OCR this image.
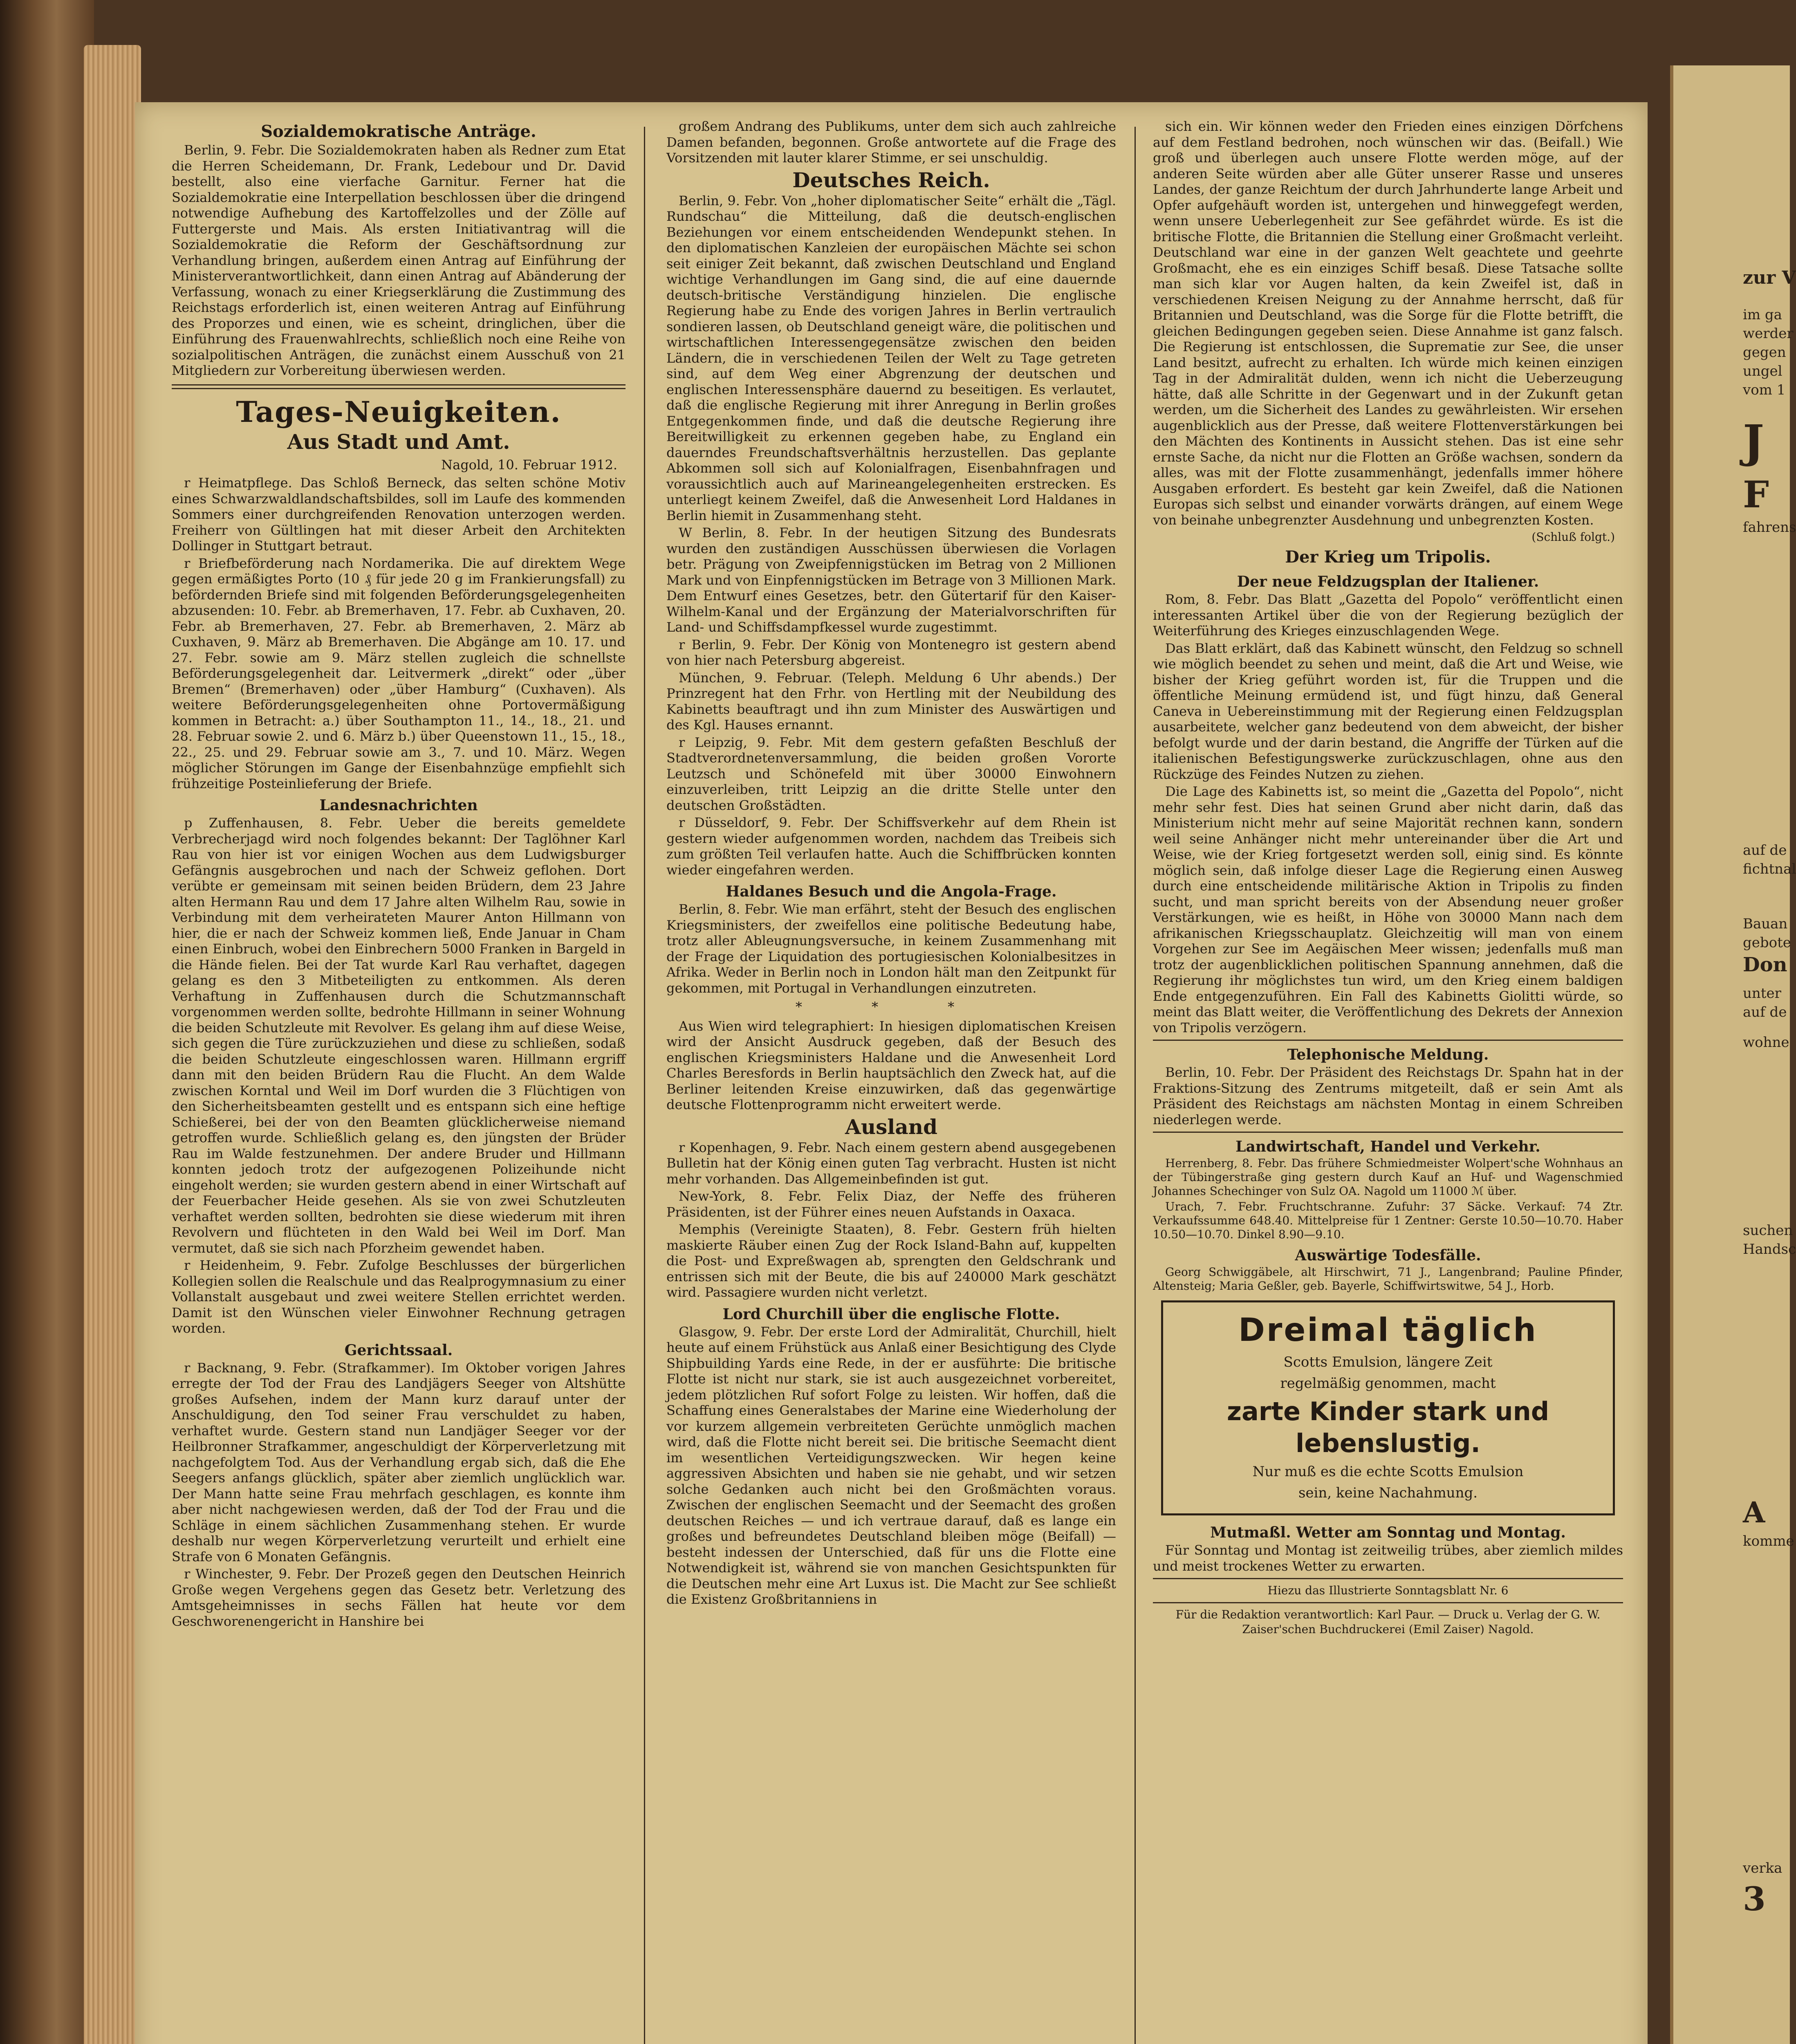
Sozialdemokratische Anträge.

Berlin, 9. Febr. Die Sozialdemokraten haben als Redner zum Etat die Herren Scheidemann, Dr. Frank, Ledebour und Dr. David bestellt, also eine vierfache Garnitur. Ferner hat die Sozialdemokratie eine Interpellation beschlossen über die dringend notwendige Aufhebung des Kartoffelzolles und der Zölle auf Futtergerste und Mais. Als ersten Initiativantrag will die Sozialdemokratie die Reform der Geschäftsordnung zur Verhandlung bringen, außerdem einen Antrag auf Einführung der Ministerverantwortlichkeit, dann einen Antrag auf Abänderung der Verfassung, wonach zu einer Kriegserklärung die Zustimmung des Reichstags erforderlich ist, einen weiteren Antrag auf Einführung des Proporzes und einen, wie es scheint, dringlichen, über die Einführung des Frauenwahlrechts, schließlich noch eine Reihe von sozialpolitischen Anträgen, die zunächst einem Ausschuß von 21 Mitgliedern zur Vorbereitung überwiesen werden.

Tages-Neuigkeiten.
Aus Stadt und Amt.
Nagold, 10. Februar 1912.

r Heimatpflege. Das Schloß Berneck, das selten schöne Motiv eines Schwarzwaldlandschaftsbildes, soll im Laufe des kommenden Sommers einer durchgreifenden Renovation unterzogen werden. Freiherr von Gültlingen hat mit dieser Arbeit den Architekten Dollinger in Stuttgart betraut.

r Briefbeförderung nach Nordamerika. Die auf direktem Wege gegen ermäßigtes Porto (10 ₰ für jede 20 g im Frankierungsfall) zu befördernden Briefe sind mit folgenden Beförderungsgelegenheiten abzusenden: 10. Febr. ab Bremerhaven, 17. Febr. ab Cuxhaven, 20. Febr. ab Bremerhaven, 27. Febr. ab Bremerhaven, 2. März ab Cuxhaven, 9. März ab Bremerhaven. Die Abgänge am 10. 17. und 27. Febr. sowie am 9. März stellen zugleich die schnellste Beförderungsgelegenheit dar. Leitvermerk „direkt“ oder „über Bremen“ (Bremerhaven) oder „über Hamburg“ (Cuxhaven). Als weitere Beförderungsgelegenheiten ohne Portovermäßigung kommen in Betracht: a.) über Southampton 11., 14., 18., 21. und 28. Februar sowie 2. und 6. März b.) über Queenstown 11., 15., 18., 22., 25. und 29. Februar sowie am 3., 7. und 10. März. Wegen möglicher Störungen im Gange der Eisenbahnzüge empfiehlt sich frühzeitige Posteinlieferung der Briefe.

Landesnachrichten

p Zuffenhausen, 8. Febr. Ueber die bereits gemeldete Verbrecherjagd wird noch folgendes bekannt: Der Taglöhner Karl Rau von hier ist vor einigen Wochen aus dem Ludwigsburger Gefängnis ausgebrochen und nach der Schweiz geflohen. Dort verübte er gemeinsam mit seinen beiden Brüdern, dem 23 Jahre alten Hermann Rau und dem 17 Jahre alten Wilhelm Rau, sowie in Verbindung mit dem verheirateten Maurer Anton Hillmann von hier, die er nach der Schweiz kommen ließ, Ende Januar in Cham einen Einbruch, wobei den Einbrechern 5000 Franken in Bargeld in die Hände fielen. Bei der Tat wurde Karl Rau verhaftet, dagegen gelang es den 3 Mitbeteiligten zu entkommen. Als deren Verhaftung in Zuffenhausen durch die Schutzmannschaft vorgenommen werden sollte, bedrohte Hillmann in seiner Wohnung die beiden Schutzleute mit Revolver. Es gelang ihm auf diese Weise, sich gegen die Türe zurückzuziehen und diese zu schließen, sodaß die beiden Schutzleute eingeschlossen waren. Hillmann ergriff dann mit den beiden Brüdern Rau die Flucht. An dem Walde zwischen Korntal und Weil im Dorf wurden die 3 Flüchtigen von den Sicherheitsbeamten gestellt und es entspann sich eine heftige Schießerei, bei der von den Beamten glücklicherweise niemand getroffen wurde. Schließlich gelang es, den jüngsten der Brüder Rau im Walde festzunehmen. Der andere Bruder und Hillmann konnten jedoch trotz der aufgezogenen Polizeihunde nicht eingeholt werden; sie wurden gestern abend in einer Wirtschaft auf der Feuerbacher Heide gesehen. Als sie von zwei Schutzleuten verhaftet werden sollten, bedrohten sie diese wiederum mit ihren Revolvern und flüchteten in den Wald bei Weil im Dorf. Man vermutet, daß sie sich nach Pforzheim gewendet haben.

r Heidenheim, 9. Febr. Zufolge Beschlusses der bürgerlichen Kollegien sollen die Realschule und das Realprogymnasium zu einer Vollanstalt ausgebaut und zwei weitere Stellen errichtet werden. Damit ist den Wünschen vieler Einwohner Rechnung getragen worden.

Gerichtssaal.

r Backnang, 9. Febr. (Strafkammer). Im Oktober vorigen Jahres erregte der Tod der Frau des Landjägers Seeger von Altshütte großes Aufsehen, indem der Mann kurz darauf unter der Anschuldigung, den Tod seiner Frau verschuldet zu haben, verhaftet wurde. Gestern stand nun Landjäger Seeger vor der Heilbronner Strafkammer, angeschuldigt der Körperverletzung mit nachgefolgtem Tod. Aus der Verhandlung ergab sich, daß die Ehe Seegers anfangs glücklich, später aber ziemlich unglücklich war. Der Mann hatte seine Frau mehrfach geschlagen, es konnte ihm aber nicht nachgewiesen werden, daß der Tod der Frau und die Schläge in einem sächlichen Zusammenhang stehen. Er wurde deshalb nur wegen Körperverletzung verurteilt und erhielt eine Strafe von 6 Monaten Gefängnis.

r Winchester, 9. Febr. Der Prozeß gegen den Deutschen Heinrich Große wegen Vergehens gegen das Gesetz betr. Verletzung des Amtsgeheimnisses in sechs Fällen hat heute vor dem Geschworenengericht in Hanshire bei

großem Andrang des Publikums, unter dem sich auch zahlreiche Damen befanden, begonnen. Große antwortete auf die Frage des Vorsitzenden mit lauter klarer Stimme, er sei unschuldig.

Deutsches Reich.

Berlin, 9. Febr. Von „hoher diplomatischer Seite“ erhält die „Tägl. Rundschau“ die Mitteilung, daß die deutsch-englischen Beziehungen vor einem entscheidenden Wendepunkt stehen. In den diplomatischen Kanzleien der europäischen Mächte sei schon seit einiger Zeit bekannt, daß zwischen Deutschland und England wichtige Verhandlungen im Gang sind, die auf eine dauernde deutsch-britische Verständigung hinzielen. Die englische Regierung habe zu Ende des vorigen Jahres in Berlin vertraulich sondieren lassen, ob Deutschland geneigt wäre, die politischen und wirtschaftlichen Interessengegensätze zwischen den beiden Ländern, die in verschiedenen Teilen der Welt zu Tage getreten sind, auf dem Weg einer Abgrenzung der deutschen und englischen Interessensphäre dauernd zu beseitigen. Es verlautet, daß die englische Regierung mit ihrer Anregung in Berlin großes Entgegenkommen finde, und daß die deutsche Regierung ihre Bereitwilligkeit zu erkennen gegeben habe, zu England ein dauerndes Freundschaftsverhältnis herzustellen. Das geplante Abkommen soll sich auf Kolonialfragen, Eisenbahnfragen und voraussichtlich auch auf Marineangelegenheiten erstrecken. Es unterliegt keinem Zweifel, daß die Anwesenheit Lord Haldanes in Berlin hiemit in Zusammenhang steht.

W Berlin, 8. Febr. In der heutigen Sitzung des Bundesrats wurden den zuständigen Ausschüssen überwiesen die Vorlagen betr. Prägung von Zweipfennigstücken im Betrag von 2 Millionen Mark und von Einpfennigstücken im Betrage von 3 Millionen Mark. Dem Entwurf eines Gesetzes, betr. den Gütertarif für den Kaiser-Wilhelm-Kanal und der Ergänzung der Materialvorschriften für Land- und Schiffsdampfkessel wurde zugestimmt.

r Berlin, 9. Febr. Der König von Montenegro ist gestern abend von hier nach Petersburg abgereist.

München, 9. Februar. (Teleph. Meldung 6 Uhr abends.) Der Prinzregent hat den Frhr. von Hertling mit der Neubildung des Kabinetts beauftragt und ihn zum Minister des Auswärtigen und des Kgl. Hauses ernannt.

r Leipzig, 9. Febr. Mit dem gestern gefaßten Beschluß der Stadtverordnetenversammlung, die beiden großen Vororte Leutzsch und Schönefeld mit über 30000 Einwohnern einzuverleiben, tritt Leipzig an die dritte Stelle unter den deutschen Großstädten.

r Düsseldorf, 9. Febr. Der Schiffsverkehr auf dem Rhein ist gestern wieder aufgenommen worden, nachdem das Treibeis sich zum größten Teil verlaufen hatte. Auch die Schiffbrücken konnten wieder eingefahren werden.

Haldanes Besuch und die Angola-Frage.

Berlin, 8. Febr. Wie man erfährt, steht der Besuch des englischen Kriegsministers, der zweifellos eine politische Bedeutung habe, trotz aller Ableugnungsversuche, in keinem Zusammenhang mit der Frage der Liquidation des portugiesischen Kolonialbesitzes in Afrika. Weder in Berlin noch in London hält man den Zeitpunkt für gekommen, mit Portugal in Verhandlungen einzutreten.

* * *

Aus Wien wird telegraphiert: In hiesigen diplomatischen Kreisen wird der Ansicht Ausdruck gegeben, daß der Besuch des englischen Kriegsministers Haldane und die Anwesenheit Lord Charles Beresfords in Berlin hauptsächlich den Zweck hat, auf die Berliner leitenden Kreise einzuwirken, daß das gegenwärtige deutsche Flottenprogramm nicht erweitert werde.

Ausland

r Kopenhagen, 9. Febr. Nach einem gestern abend ausgegebenen Bulletin hat der König einen guten Tag verbracht. Husten ist nicht mehr vorhanden. Das Allgemeinbefinden ist gut.

New-York, 8. Febr. Felix Diaz, der Neffe des früheren Präsidenten, ist der Führer eines neuen Aufstands in Oaxaca.

Memphis (Vereinigte Staaten), 8. Febr. Gestern früh hielten maskierte Räuber einen Zug der Rock Island-Bahn auf, kuppelten die Post- und Expreßwagen ab, sprengten den Geldschrank und entrissen sich mit der Beute, die bis auf 240000 Mark geschätzt wird. Passagiere wurden nicht verletzt.

Lord Churchill über die englische Flotte.

Glasgow, 9. Febr. Der erste Lord der Admiralität, Churchill, hielt heute auf einem Frühstück aus Anlaß einer Besichtigung des Clyde Shipbuilding Yards eine Rede, in der er ausführte: Die britische Flotte ist nicht nur stark, sie ist auch ausgezeichnet vorbereitet, jedem plötzlichen Ruf sofort Folge zu leisten. Wir hoffen, daß die Schaffung eines Generalstabes der Marine eine Wiederholung der vor kurzem allgemein verbreiteten Gerüchte unmöglich machen wird, daß die Flotte nicht bereit sei. Die britische Seemacht dient im wesentlichen Verteidigungszwecken. Wir hegen keine aggressiven Absichten und haben sie nie gehabt, und wir setzen solche Gedanken auch nicht bei den Großmächten voraus. Zwischen der englischen Seemacht und der Seemacht des großen deutschen Reiches — und ich vertraue darauf, daß es lange ein großes und befreundetes Deutschland bleiben möge (Beifall) — besteht indessen der Unterschied, daß für uns die Flotte eine Notwendigkeit ist, während sie von manchen Gesichtspunkten für die Deutschen mehr eine Art Luxus ist. Die Macht zur See schließt die Existenz Großbritanniens in

sich ein. Wir können weder den Frieden eines einzigen Dörfchens auf dem Festland bedrohen, noch wünschen wir das. (Beifall.) Wie groß und überlegen auch unsere Flotte werden möge, auf der anderen Seite würden aber alle Güter unserer Rasse und unseres Landes, der ganze Reichtum der durch Jahrhunderte lange Arbeit und Opfer aufgehäuft worden ist, untergehen und hinweggefegt werden, wenn unsere Ueberlegenheit zur See gefährdet würde. Es ist die britische Flotte, die Britannien die Stellung einer Großmacht verleiht. Deutschland war eine in der ganzen Welt geachtete und geehrte Großmacht, ehe es ein einziges Schiff besaß. Diese Tatsache sollte man sich klar vor Augen halten, da kein Zweifel ist, daß in verschiedenen Kreisen Neigung zu der Annahme herrscht, daß für Britannien und Deutschland, was die Sorge für die Flotte betrifft, die gleichen Bedingungen gegeben seien. Diese Annahme ist ganz falsch. Die Regierung ist entschlossen, die Suprematie zur See, die unser Land besitzt, aufrecht zu erhalten. Ich würde mich keinen einzigen Tag in der Admiralität dulden, wenn ich nicht die Ueberzeugung hätte, daß alle Schritte in der Gegenwart und in der Zukunft getan werden, um die Sicherheit des Landes zu gewährleisten. Wir ersehen augenblicklich aus der Presse, daß weitere Flottenverstärkungen bei den Mächten des Kontinents in Aussicht stehen. Das ist eine sehr ernste Sache, da nicht nur die Flotten an Größe wachsen, sondern da alles, was mit der Flotte zusammenhängt, jedenfalls immer höhere Ausgaben erfordert. Es besteht gar kein Zweifel, daß die Nationen Europas sich selbst und einander vorwärts drängen, auf einem Wege von beinahe unbegrenzter Ausdehnung und unbegrenzten Kosten.

(Schluß folgt.)
Der Krieg um Tripolis.
Der neue Feldzugsplan der Italiener.

Rom, 8. Febr. Das Blatt „Gazetta del Popolo“ veröffentlicht einen interessanten Artikel über die von der Regierung bezüglich der Weiterführung des Krieges einzuschlagenden Wege.

Das Blatt erklärt, daß das Kabinett wünscht, den Feldzug so schnell wie möglich beendet zu sehen und meint, daß die Art und Weise, wie bisher der Krieg geführt worden ist, für die Truppen und die öffentliche Meinung ermüdend ist, und fügt hinzu, daß General Caneva in Uebereinstimmung mit der Regierung einen Feldzugsplan ausarbeitete, welcher ganz bedeutend von dem abweicht, der bisher befolgt wurde und der darin bestand, die Angriffe der Türken auf die italienischen Befestigungswerke zurückzuschlagen, ohne aus den Rückzüge des Feindes Nutzen zu ziehen.

Die Lage des Kabinetts ist, so meint die „Gazetta del Popolo“, nicht mehr sehr fest. Dies hat seinen Grund aber nicht darin, daß das Ministerium nicht mehr auf seine Majorität rechnen kann, sondern weil seine Anhänger nicht mehr untereinander über die Art und Weise, wie der Krieg fortgesetzt werden soll, einig sind. Es könnte möglich sein, daß infolge dieser Lage die Regierung einen Ausweg durch eine entscheidende militärische Aktion in Tripolis zu finden sucht, und man spricht bereits von der Absendung neuer großer Verstärkungen, wie es heißt, in Höhe von 30000 Mann nach dem afrikanischen Kriegsschauplatz. Gleichzeitig will man von einem Vorgehen zur See im Aegäischen Meer wissen; jedenfalls muß man trotz der augenblicklichen politischen Spannung annehmen, daß die Regierung ihr möglichstes tun wird, um den Krieg einem baldigen Ende entgegenzuführen. Ein Fall des Kabinetts Giolitti würde, so meint das Blatt weiter, die Veröffentlichung des Dekrets der Annexion von Tripolis verzögern.

Telephonische Meldung.

Berlin, 10. Febr. Der Präsident des Reichstags Dr. Spahn hat in der Fraktions-Sitzung des Zentrums mitgeteilt, daß er sein Amt als Präsident des Reichstags am nächsten Montag in einem Schreiben niederlegen werde.

Landwirtschaft, Handel und Verkehr.

Herrenberg, 8. Febr. Das frühere Schmiedmeister Wolpert'sche Wohnhaus an der Tübingerstraße ging gestern durch Kauf an Huf- und Wagenschmied Johannes Schechinger von Sulz OA. Nagold um 11000 ℳ über.

Urach, 7. Febr. Fruchtschranne. Zufuhr: 37 Säcke. Verkauf: 74 Ztr. Verkaufssumme 648.40. Mittelpreise für 1 Zentner: Gerste 10.50—10.70. Haber 10.50—10.70. Dinkel 8.90—9.10.

Auswärtige Todesfälle.

Georg Schwiggäbele, alt Hirschwirt, 71 J., Langenbrand; Pauline Pfinder, Altensteig; Maria Geßler, geb. Bayerle, Schiffwirtswitwe, 54 J., Horb.

Dreimal täglich
Scotts Emulsion, längere Zeit
regelmäßig genommen, macht
zarte Kinder stark und lebenslustig.
Nur muß es die echte Scotts Emulsion
sein, keine Nachahmung.
Mutmaßl. Wetter am Sonntag und Montag.

Für Sonntag und Montag ist zeitweilig trübes, aber ziemlich mildes und meist trockenes Wetter zu erwarten.

Hiezu das Illustrierte Sonntagsblatt Nr. 6
Für die Redaktion verantwortlich: Karl Paur. — Druck u. Verlag der G. W. Zaiser'schen Buchdruckerei (Emil Zaiser) Nagold.
zur V
im ga
werder
gegen
ungel
vom 1
J
F
fahrens
auf de
fichtnal
Bauan
gebote
Don
unter
auf de
wohne
suchen
Handsc
A
komme
verka
3
